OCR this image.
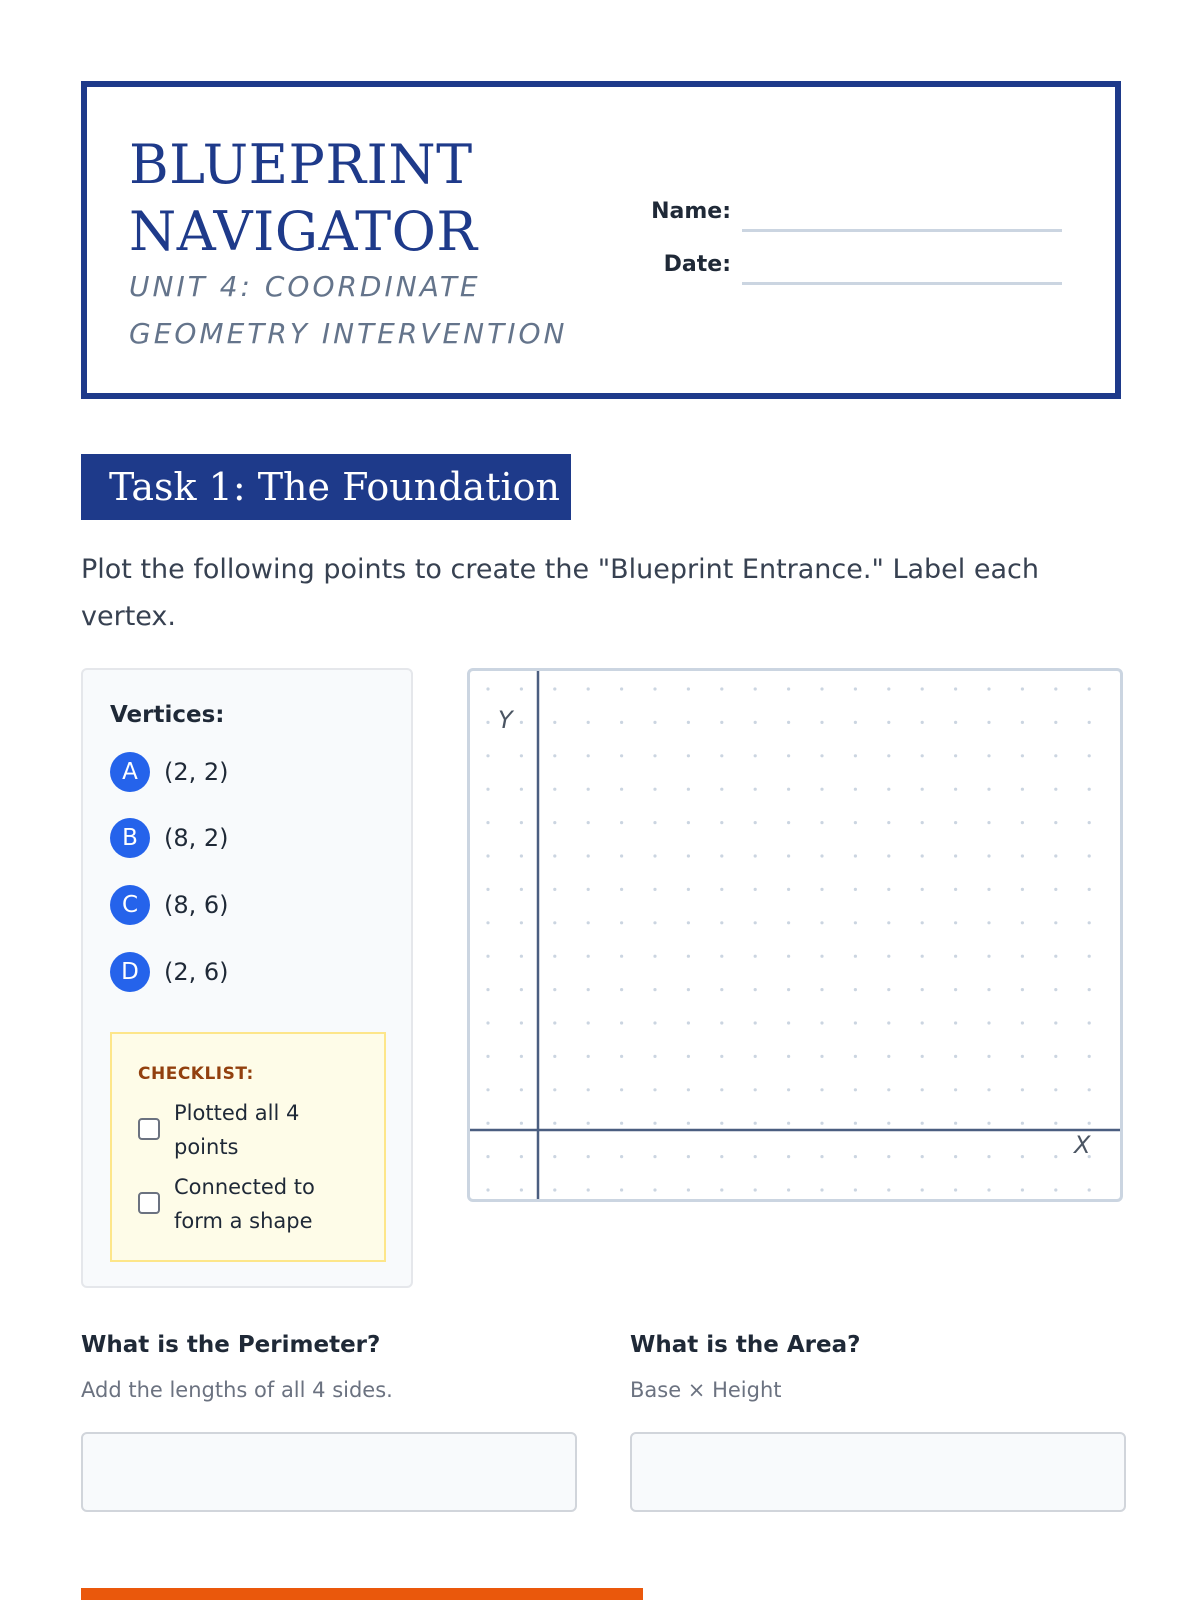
BLUEPRINT NAVIGATOR
UNIT 4: COORDINATE GEOMETRY INTERVENTION
Name:
Date:
Task 1: The Foundation
Plot the following points to create the "Blueprint Entrance." Label each vertex.
Vertices:
A	(2, 2)
B	(8, 2)
C	(8, 6)
D	(2, 6)
CHECKLIST:
Plotted all 4 points
Connected to form a shape
Y
X
What is the Perimeter?
Add the lengths of all 4 sides.
What is the Area?
Base × Height
